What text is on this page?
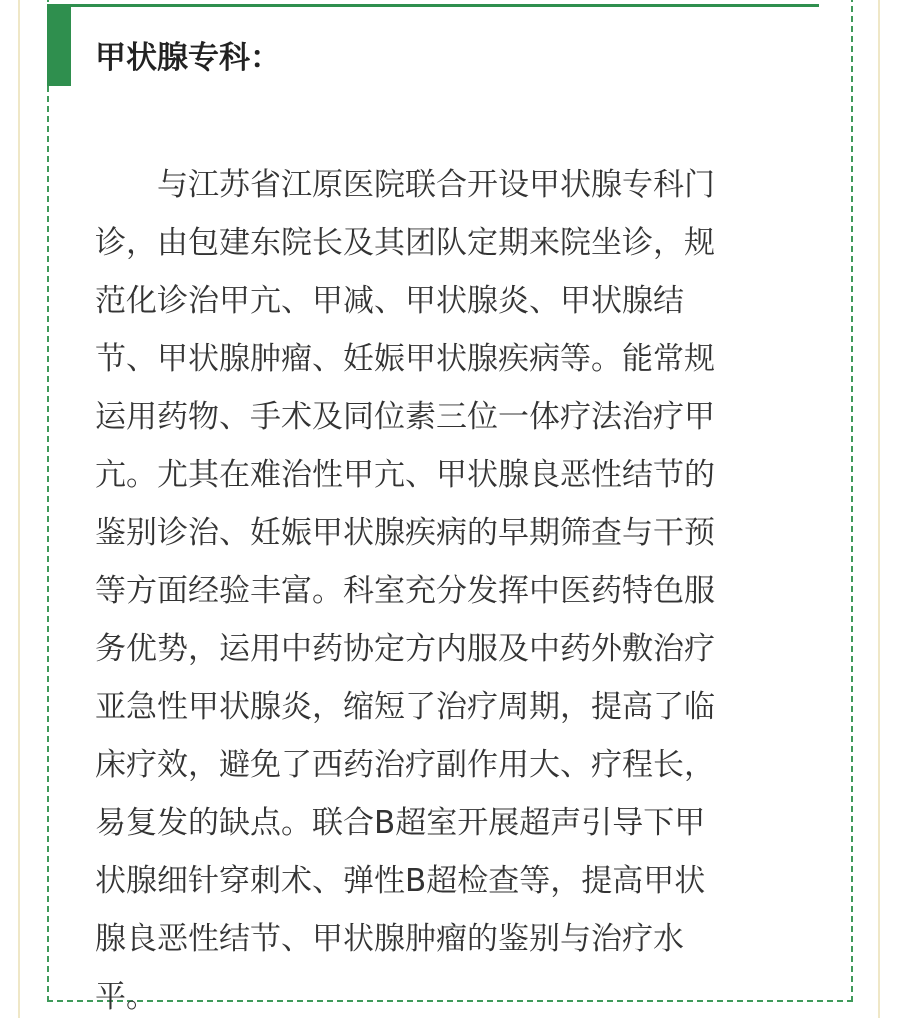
甲状腺专科：
　　与江苏省江原医院联合开设甲状腺专科门
诊，由包建东院长及其团队定期来院坐诊，规
范化诊治甲亢、甲减、甲状腺炎、甲状腺结
节、甲状腺肿瘤、妊娠甲状腺疾病等。能常规
运用药物、手术及同位素三位一体疗法治疗甲
亢。尤其在难治性甲亢、甲状腺良恶性结节的
鉴别诊治、妊娠甲状腺疾病的早期筛查与干预
等方面经验丰富。科室充分发挥中医药特色服
务优势，运用中药协定方内服及中药外敷治疗
亚急性甲状腺炎，缩短了治疗周期，提高了临
床疗效，避免了西药治疗副作用大、疗程长，
易复发的缺点。联合B超室开展超声引导下甲
状腺细针穿刺术、弹性B超检查等，提高甲状
腺良恶性结节、甲状腺肿瘤的鉴别与治疗水
平。
